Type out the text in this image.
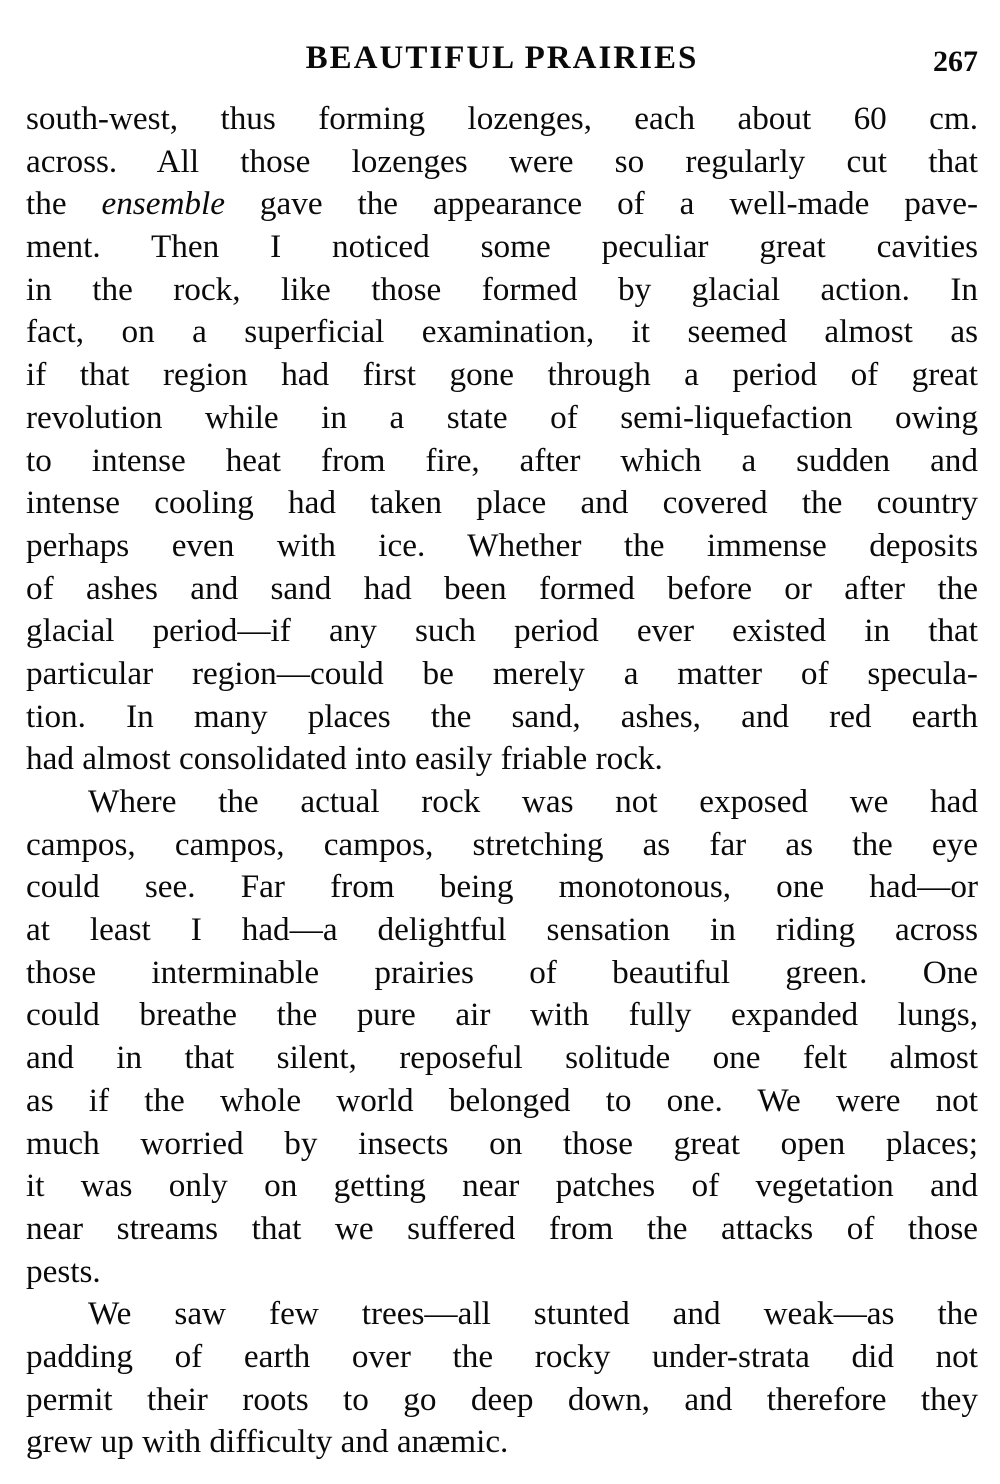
BEAUTIFUL PRAIRIES	267
south-west, thus forming lozenges, each about 60 cm.
across. All those lozenges were so regularly cut that
the ensemble gave the appearance of a well-made pave-
ment. Then I noticed some peculiar great cavities
in the rock, like those formed by glacial action. In
fact, on a superficial examination, it seemed almost as
if that region had first gone through a period of great
revolution while in a state of semi-liquefaction owing
to intense heat from fire, after which a sudden and
intense cooling had taken place and covered the country
perhaps even with ice. Whether the immense deposits
of ashes and sand had been formed before or after the
glacial period—if any such period ever existed in that
particular region—could be merely a matter of specula-
tion. In many places the sand, ashes, and red earth
had almost consolidated into easily friable rock.
Where the actual rock was not exposed we had
campos, campos, campos, stretching as far as the eye
could see. Far from being monotonous, one had—or
at least I had—a delightful sensation in riding across
those interminable prairies of beautiful green. One
could breathe the pure air with fully expanded lungs,
and in that silent, reposeful solitude one felt almost
as if the whole world belonged to one. We were not
much worried by insects on those great open places;
it was only on getting near patches of vegetation and
near streams that we suffered from the attacks of those
pests.
We saw few trees—all stunted and weak—as the
padding of earth over the rocky under-strata did not
permit their roots to go deep down, and therefore they
grew up with difficulty and anæmic.
